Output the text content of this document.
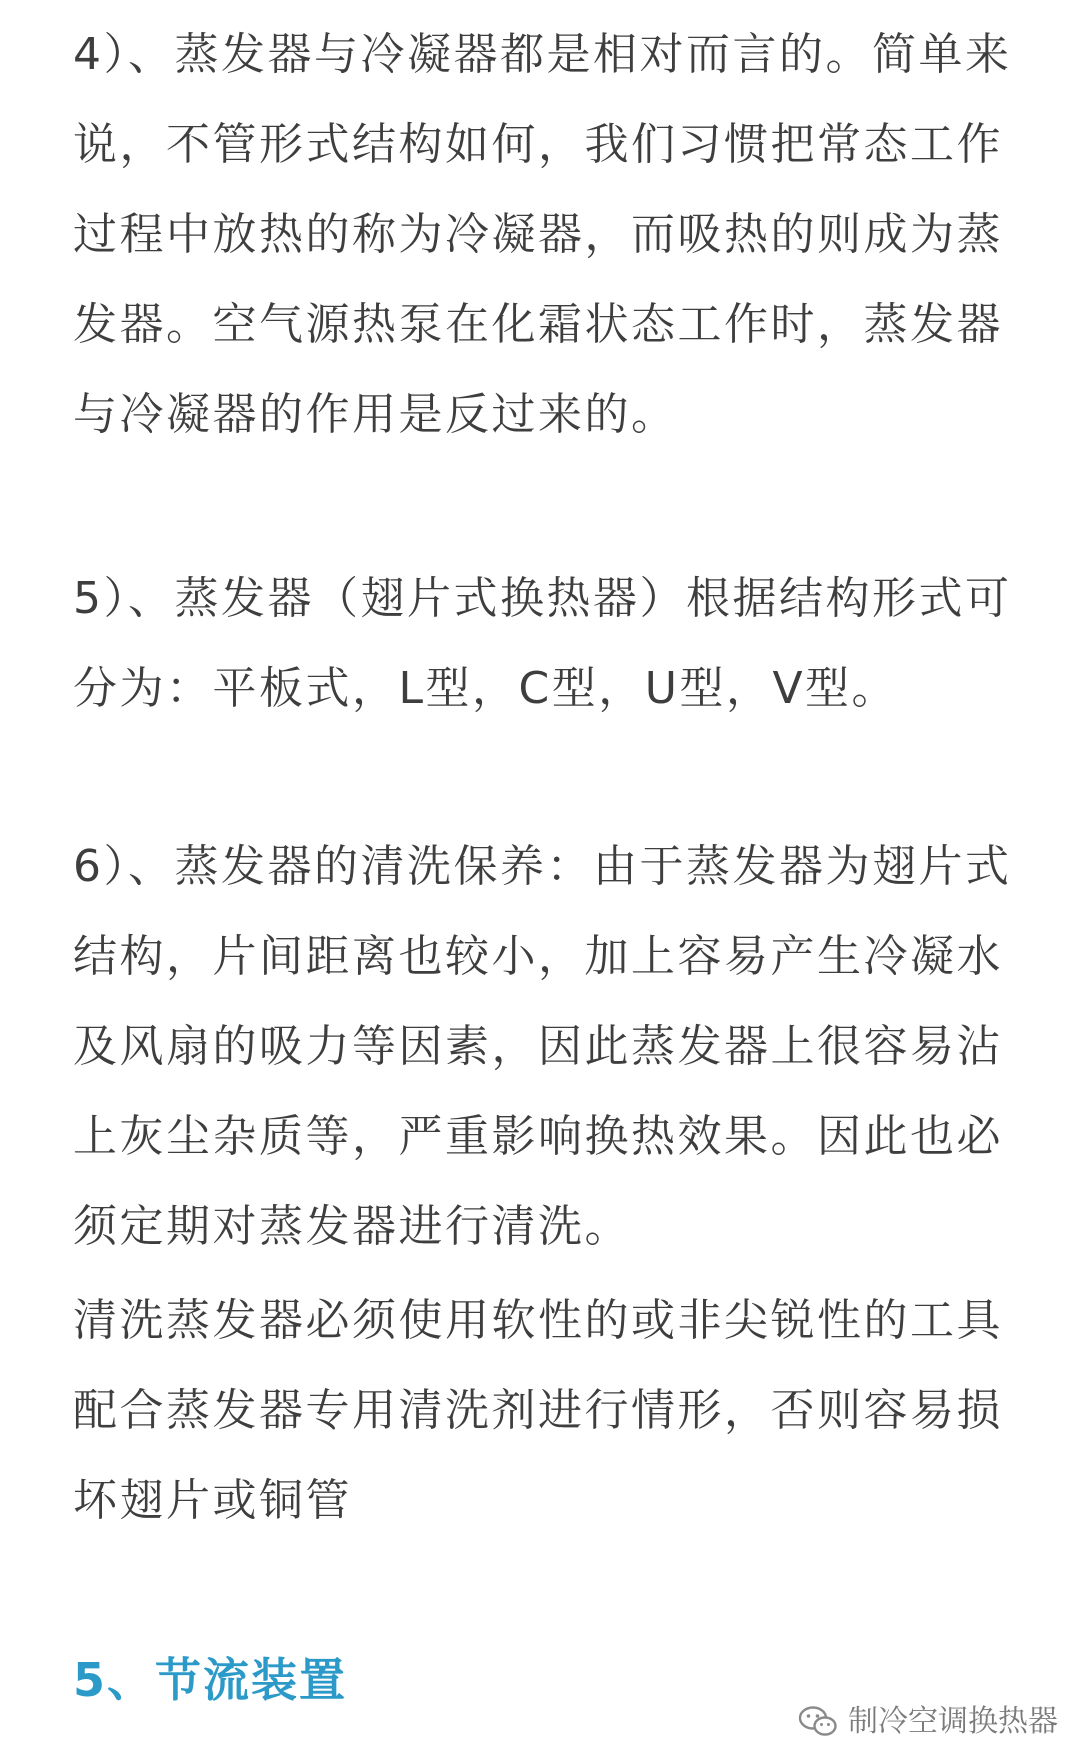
4）、蒸发器与冷凝器都是相对而言的。简单来说，不管形式结构如何，我们习惯把常态工作过程中放热的称为冷凝器，而吸热的则成为蒸发器。空气源热泵在化霜状态工作时，蒸发器与冷凝器的作用是反过来的。

5）、蒸发器（翅片式换热器）根据结构形式可分为：平板式，L型，C型，U型，V型。

6）、蒸发器的清洗保养：由于蒸发器为翅片式结构，片间距离也较小，加上容易产生冷凝水及风扇的吸力等因素，因此蒸发器上很容易沾上灰尘杂质等，严重影响换热效果。因此也必须定期对蒸发器进行清洗。

清洗蒸发器必须使用软性的或非尖锐性的工具配合蒸发器专用清洗剂进行情形，否则容易损坏翅片或铜管

5、节流装置
制冷空调换热器
